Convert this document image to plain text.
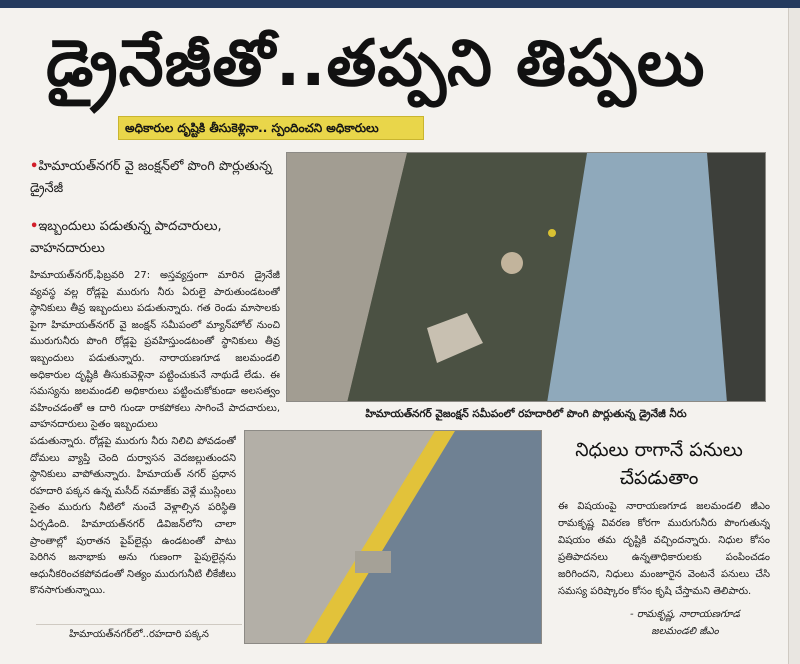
డ్రైనేజీతో..తప్పని తిప్పలు
అధికారుల దృష్టికి తీసుకెళ్లినా.. స్పందించని అధికారులు
•హిమాయత్‌నగర్‌ వై జంక్షన్‌లో పొంగి పొర్లుతున్న డ్రైనేజీ
•ఇబ్బందులు పడుతున్న పాదచారులు, వాహనదారులు
హిమాయత్‌నగర్‌,ఫిబ్రవరి 27: అస్తవ్యస్తంగా మారిన డ్రైనేజీ వ్యవస్థ వల్ల రోడ్లపై మురుగు నీరు ఏరులై పారుతుండటంతో స్థానికులు తీవ్ర ఇబ్బందులు పడుతున్నారు. గత రెండు మాసాలకు పైగా హిమాయత్‌నగర్‌ వై జంక్షన్‌ సమీపంలో మ్యాన్‌హోల్‌ నుంచి మురుగునీరు పొంగి రోడ్లపై ప్రవహిస్తుండటంతో స్థానికులు తీవ్ర ఇబ్బందులు పడుతున్నారు. నారాయణగూడ జలమండలి అధికారుల దృష్టికి తీసుకువెళ్లినా పట్టించుకునే నాథుడే లేడు. ఈ సమస్యను జలమండలి అధికారులు పట్టించుకోకుండా అలసత్వం వహించడంతో ఆ దారి గుండా రాకపోకలు సాగించే పాదచారులు, వాహనదారులు సైతం ఇబ్బందులు
పడుతున్నారు. రోడ్లపై మురుగు నీరు నిలిచి పోవడంతో దోమలు వ్యాప్తి చెంది దుర్వాసన వెదజల్లుతుందని స్థానికులు వాపోతున్నారు. హిమాయత్ నగర్ ప్రధాన రహదారి పక్కన ఉన్న మసీద్ నమాజ్‌కు వెళ్లే ముస్లింలు సైతం మురుగు నీటిలో నుంచే వెళ్లాల్సిన పరిస్థితి ఏర్పడింది. హిమాయత్‌నగర్ డివిజన్‌లోని చాలా ప్రాంతాల్లో పురాతన పైప్‌లైన్లు ఉండటంతో పాటు పెరిగిన జనాభాకు అను గుణంగా పైపులైన్లను ఆధునీకరించకపోవడంతో నిత్యం మురుగునీటి లీకేజీలు కొనసాగుతున్నాయి.
హిమాయత్‌నగర్‌ వైజంక్షన్‌ సమీపంలో రహదారిలో పొంగి పొర్లుతున్న డ్రైనేజీ నీరు
హిమాయత్‌నగర్‌లో..రహదారి పక్కన
నిధులు రాగానే పనులు చేపడుతాం
ఈ విషయంపై నారాయణగూడ జలమండలి జీఎం రామకృష్ణ వివరణ కోరగా మురుగునీరు పొంగుతున్న విషయం తమ దృష్టికి వచ్చిందన్నారు. నిధుల కోసం ప్రతిపాదనలు ఉన్నతాధికారులకు పంపించడం జరిగిందని, నిధులు మంజూరైన వెంటనే పనులు చేసి సమస్య పరిష్కారం కోసం కృషి చేస్తామని తెలిపారు.
- రామకృష్ణ, నారాయణగూడ
జలమండలి జీఎం
